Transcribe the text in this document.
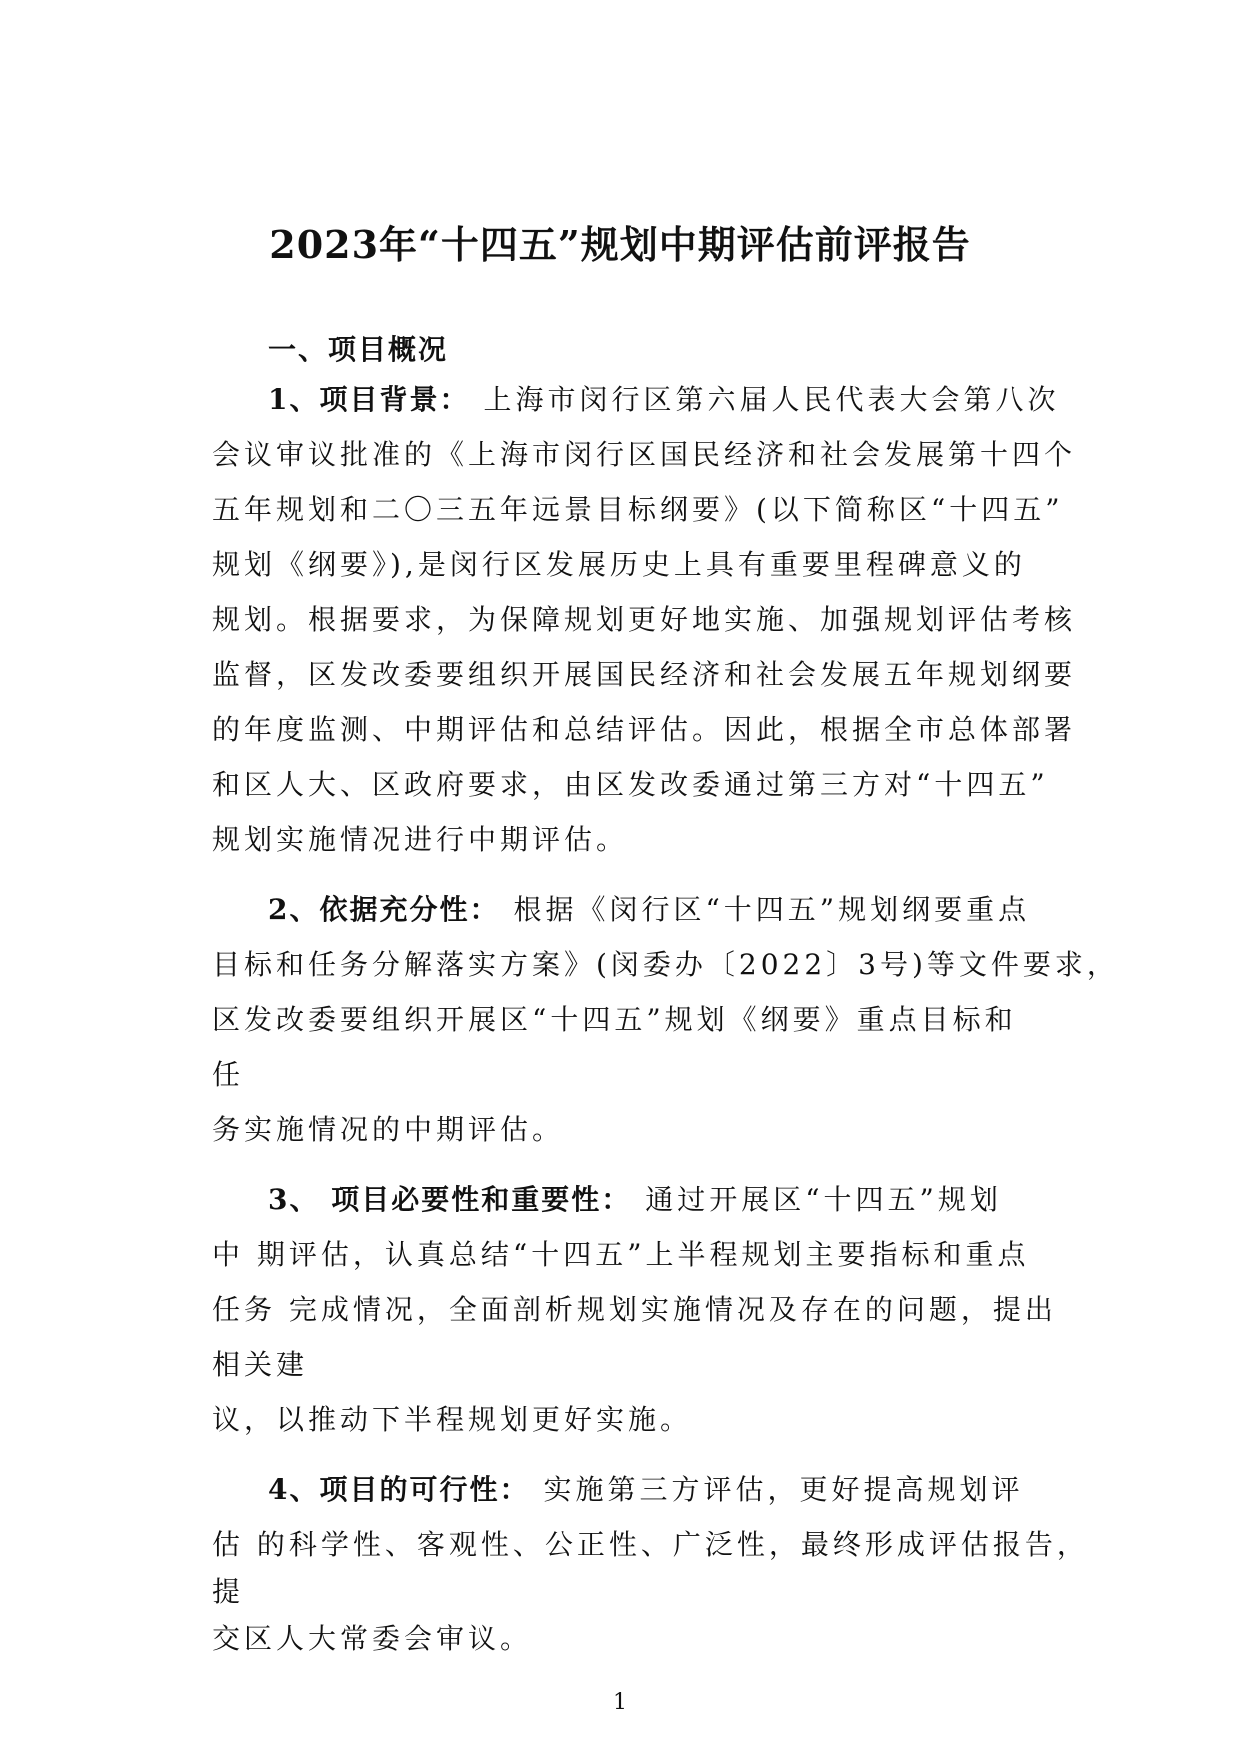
2023年“十四五”规划中期评估前评报告
一、项目概况
1、项目背景： 上海市闵行区第六届人民代表大会第八次
会议审议批准的《上海市闵行区国民经济和社会发展第十四个
五年规划和二〇三五年远景目标纲要》(以下简称区“十四五”
规划《纲要》),是闵行区发展历史上具有重要里程碑意义的
规划。根据要求，为保障规划更好地实施、加强规划评估考核
监督，区发改委要组织开展国民经济和社会发展五年规划纲要
的年度监测、中期评估和总结评估。因此，根据全市总体部署
和区人大、区政府要求，由区发改委通过第三方对“十四五”
规划实施情况进行中期评估。
2、依据充分性： 根据《闵行区“十四五”规划纲要重点
目标和任务分解落实方案》(闵委办〔2022〕3号)等文件要求，
区发改委要组织开展区“十四五”规划《纲要》重点目标和
任
务实施情况的中期评估。
3、 项目必要性和重要性： 通过开展区“十四五”规划
中 期评估，认真总结“十四五”上半程规划主要指标和重点
任务 完成情况，全面剖析规划实施情况及存在的问题，提出
相关建
议，以推动下半程规划更好实施。
4、项目的可行性： 实施第三方评估，更好提高规划评
估 的科学性、客观性、公正性、广泛性，最终形成评估报告，
提
交区人大常委会审议。
1
